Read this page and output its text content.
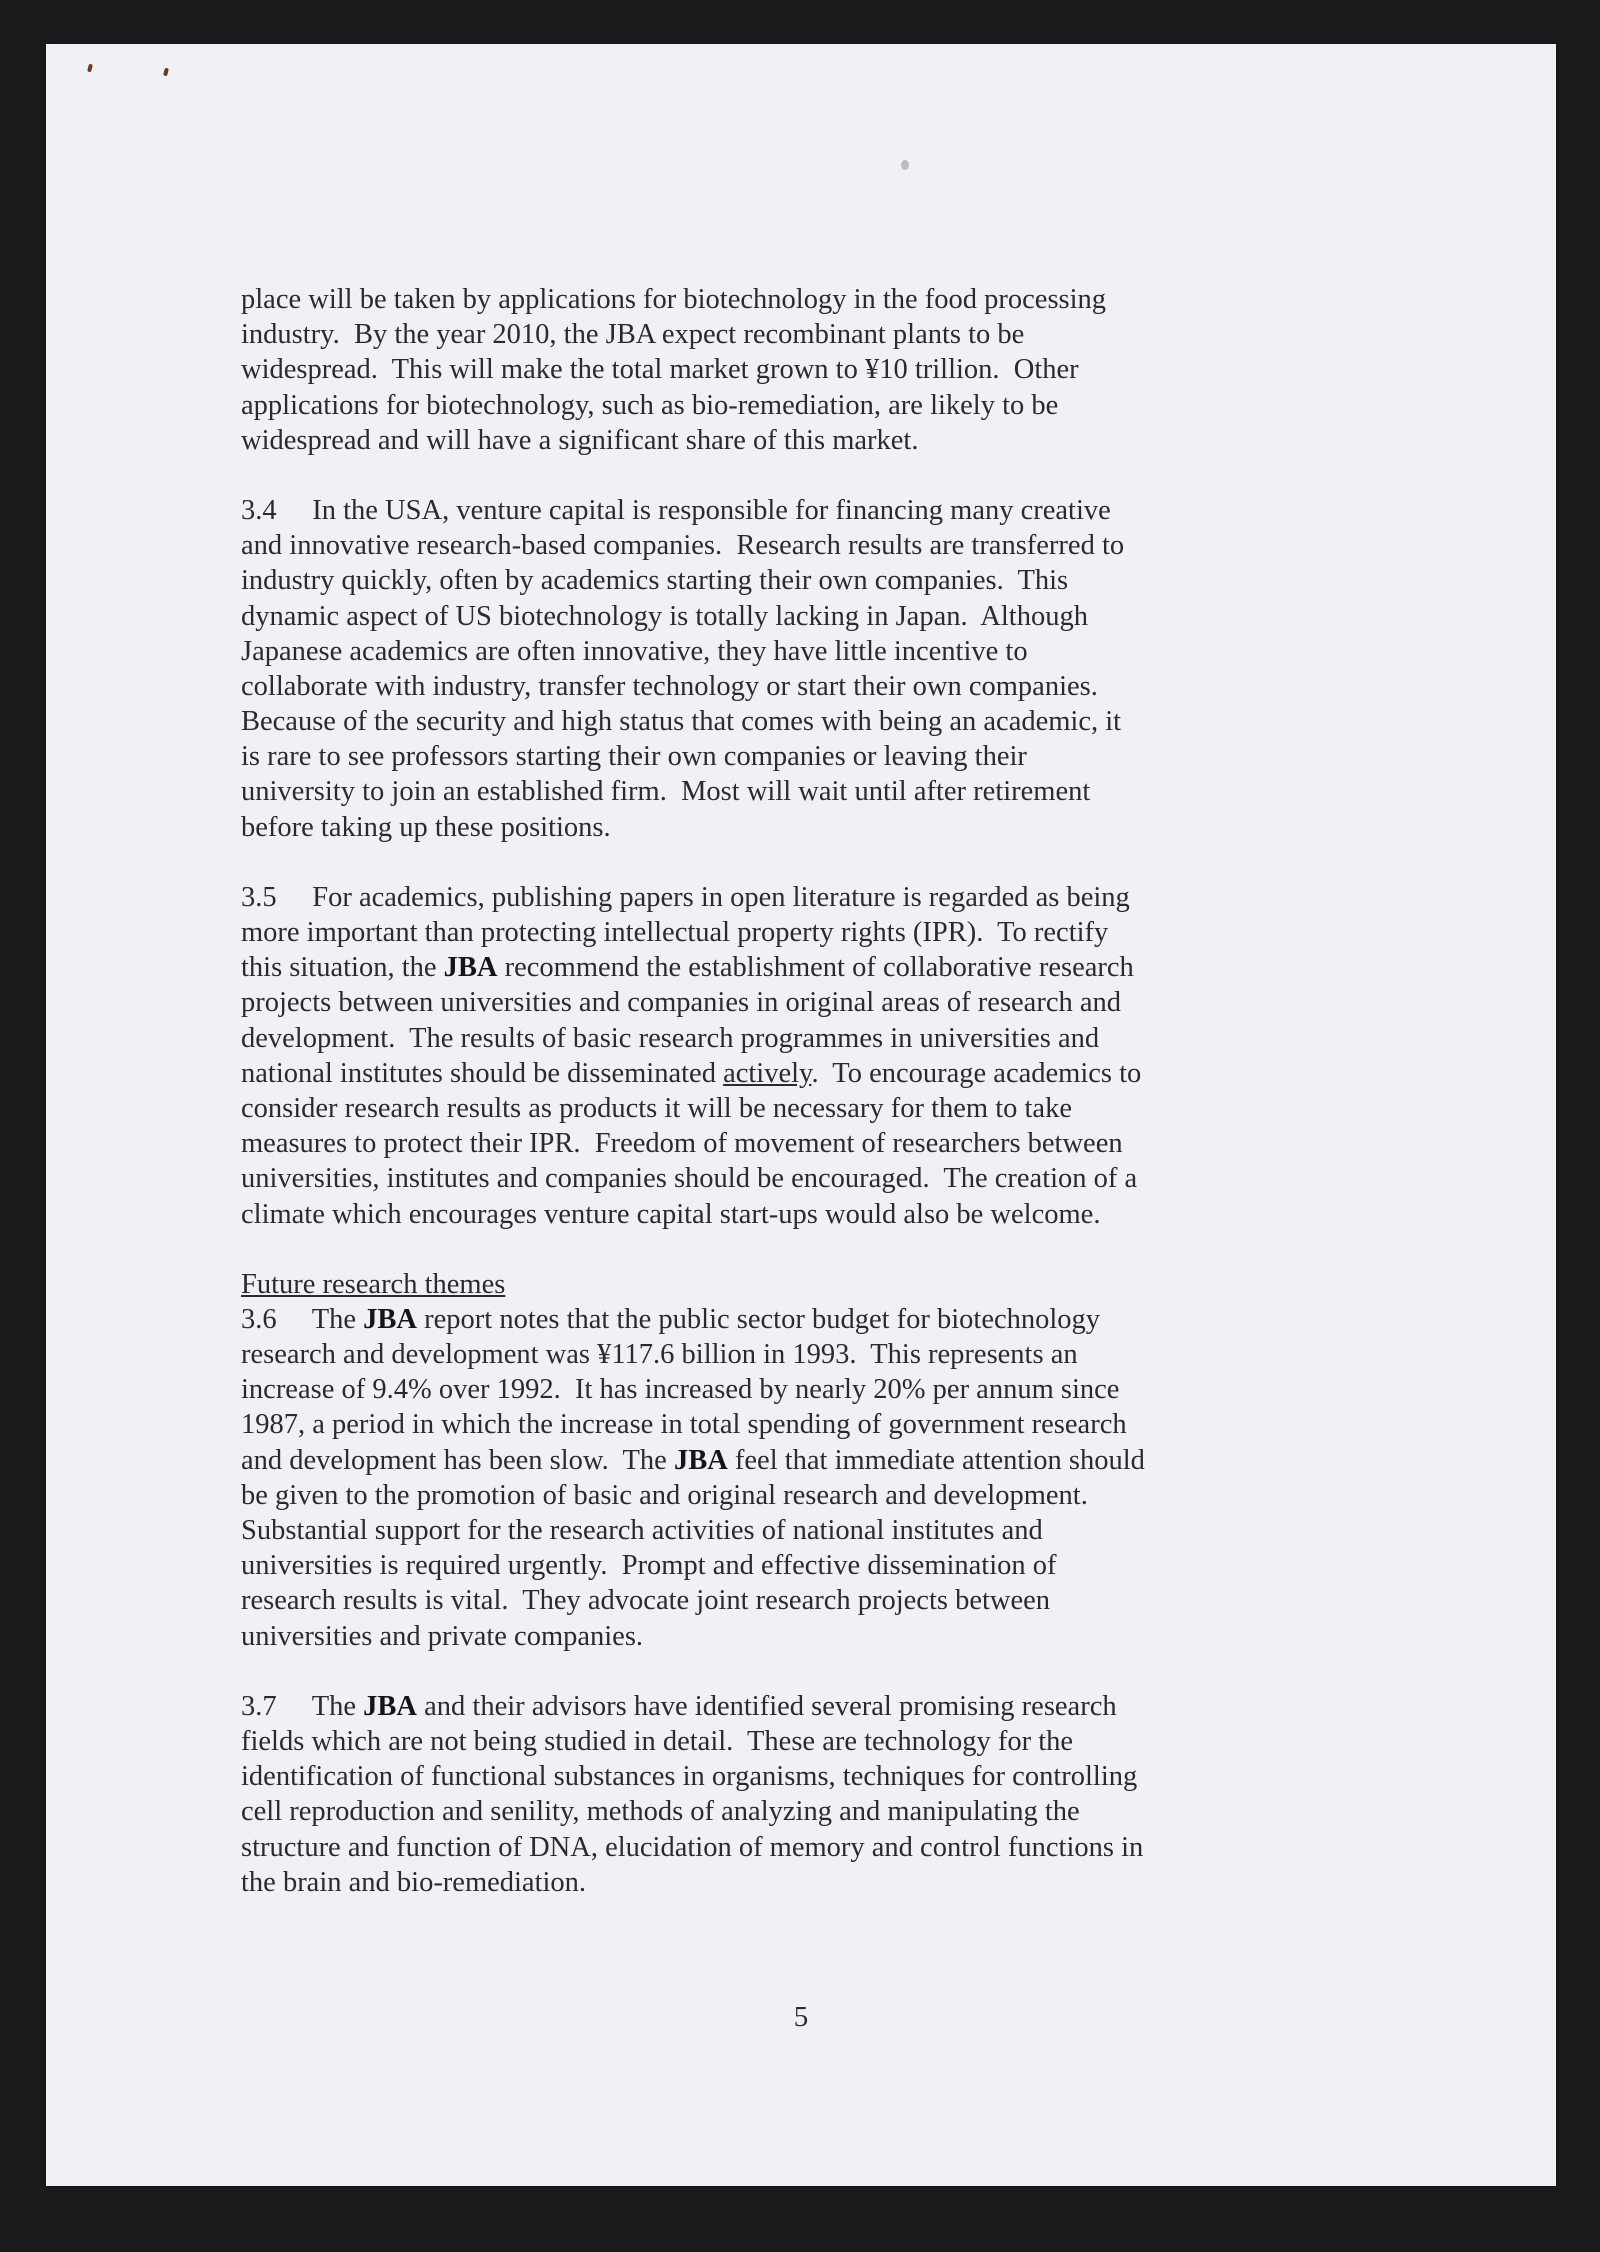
place will be taken by applications for biotechnology in the food processing
industry.  By the year 2010, the JBA expect recombinant plants to be
widespread.  This will make the total market grown to ¥10 trillion.  Other
applications for biotechnology, such as bio-remediation, are likely to be
widespread and will have a significant share of this market.
3.4     In the USA, venture capital is responsible for financing many creative
and innovative research-based companies.  Research results are transferred to
industry quickly, often by academics starting their own companies.  This
dynamic aspect of US biotechnology is totally lacking in Japan.  Although
Japanese academics are often innovative, they have little incentive to
collaborate with industry, transfer technology or start their own companies.
Because of the security and high status that comes with being an academic, it
is rare to see professors starting their own companies or leaving their
university to join an established firm.  Most will wait until after retirement
before taking up these positions.
3.5     For academics, publishing papers in open literature is regarded as being
more important than protecting intellectual property rights (IPR).  To rectify
this situation, the JBA recommend the establishment of collaborative research
projects between universities and companies in original areas of research and
development.  The results of basic research programmes in universities and
national institutes should be disseminated actively.  To encourage academics to
consider research results as products it will be necessary for them to take
measures to protect their IPR.  Freedom of movement of researchers between
universities, institutes and companies should be encouraged.  The creation of a
climate which encourages venture capital start-ups would also be welcome.
Future research themes
3.6     The JBA report notes that the public sector budget for biotechnology
research and development was ¥117.6 billion in 1993.  This represents an
increase of 9.4% over 1992.  It has increased by nearly 20% per annum since
1987, a period in which the increase in total spending of government research
and development has been slow.  The JBA feel that immediate attention should
be given to the promotion of basic and original research and development.
Substantial support for the research activities of national institutes and
universities is required urgently.  Prompt and effective dissemination of
research results is vital.  They advocate joint research projects between
universities and private companies.
3.7     The JBA and their advisors have identified several promising research
fields which are not being studied in detail.  These are technology for the
identification of functional substances in organisms, techniques for controlling
cell reproduction and senility, methods of analyzing and manipulating the
structure and function of DNA, elucidation of memory and control functions in
the brain and bio-remediation.
5
